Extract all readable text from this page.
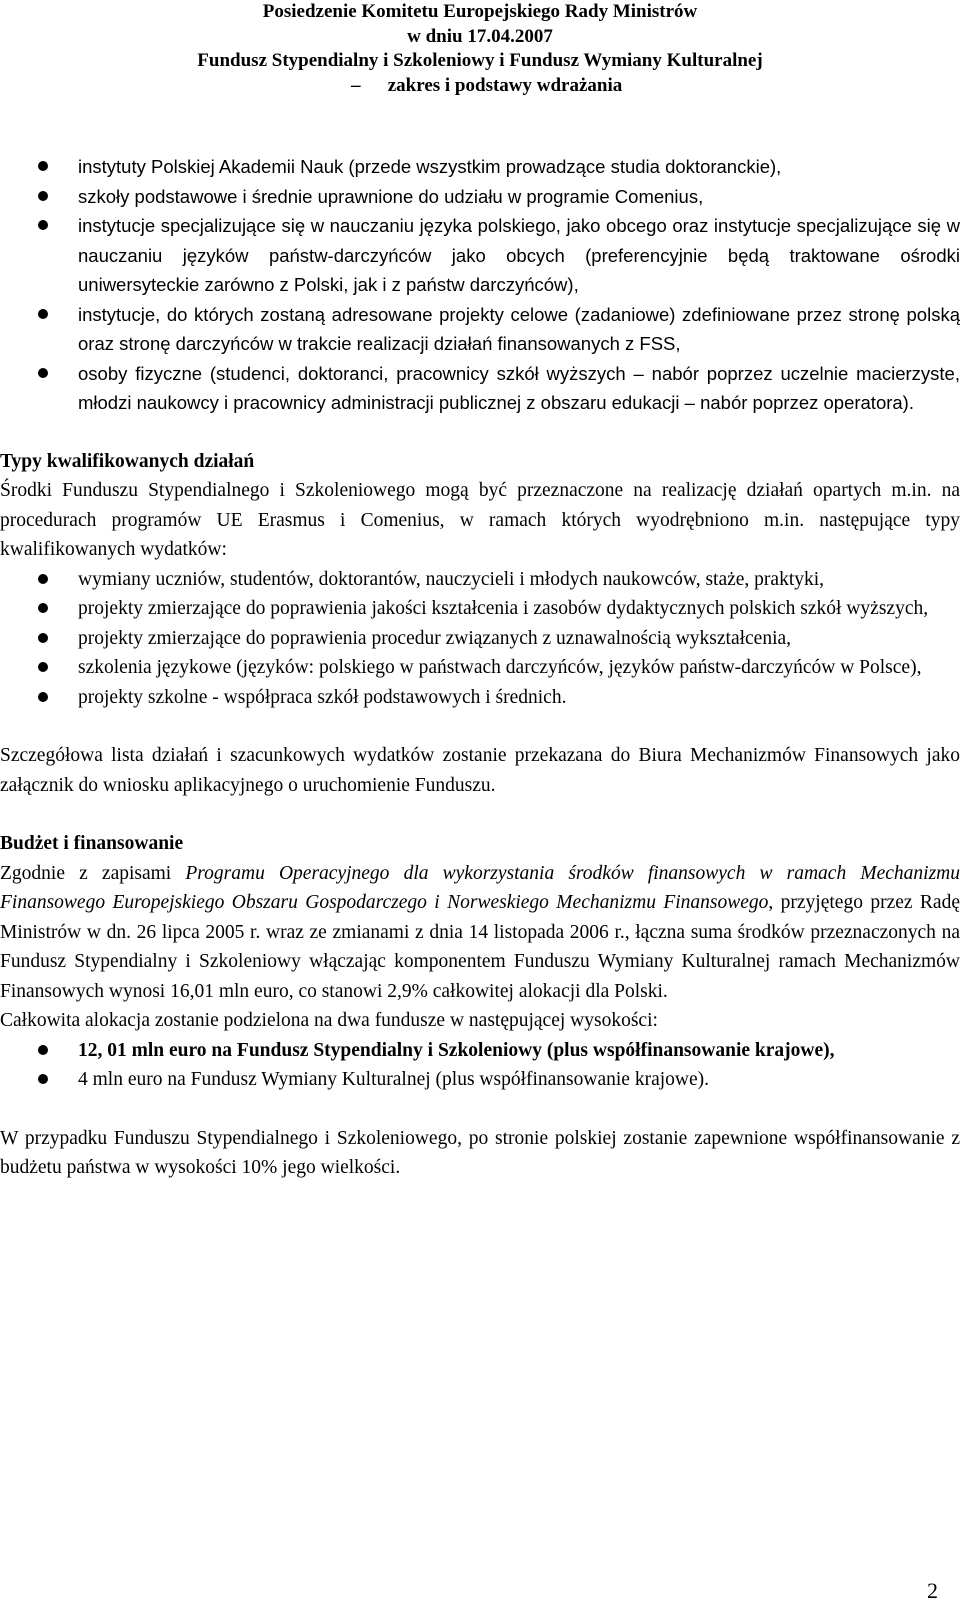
Posiedzenie Komitetu Europejskiego Rady Ministrów
w dniu 17.04.2007
Fundusz Stypendialny i Szkoleniowy i Fundusz Wymiany Kulturalnej
– zakres i podstawy wdrażania
instytuty Polskiej Akademii Nauk (przede wszystkim prowadzące studia doktoranckie),
szkoły podstawowe i średnie uprawnione do udziału w programie Comenius,
instytucje specjalizujące się w nauczaniu języka polskiego, jako obcego oraz instytucje specjalizujące się w nauczaniu języków państw-darczyńców jako obcych (preferencyjnie będą traktowane ośrodki uniwersyteckie zarówno z Polski, jak i z państw darczyńców),
instytucje, do których zostaną adresowane projekty celowe (zadaniowe) zdefiniowane przez stronę polską oraz stronę darczyńców w trakcie realizacji działań finansowanych z FSS,
osoby fizyczne (studenci, doktoranci, pracownicy szkół wyższych – nabór poprzez uczelnie macierzyste, młodzi naukowcy i pracownicy administracji publicznej z obszaru edukacji – nabór poprzez operatora).

Typy kwalifikowanych działań

Środki Funduszu Stypendialnego i Szkoleniowego mogą być przeznaczone na realizację działań opartych m.in. na procedurach programów UE Erasmus i Comenius, w ramach których wyodrębniono m.in. następujące typy kwalifikowanych wydatków:

wymiany uczniów, studentów, doktorantów, nauczycieli i młodych naukowców, staże, praktyki,
projekty zmierzające do poprawienia jakości kształcenia i zasobów dydaktycznych polskich szkół wyższych,
projekty zmierzające do poprawienia procedur związanych z uznawalnością wykształcenia,
szkolenia językowe (języków: polskiego w państwach darczyńców, języków państw-darczyńców w Polsce),
projekty szkolne - współpraca szkół podstawowych i średnich.

Szczegółowa lista działań i szacunkowych wydatków zostanie przekazana do Biura Mechanizmów Finansowych jako załącznik do wniosku aplikacyjnego o uruchomienie Funduszu.

Budżet i finansowanie

Zgodnie z zapisami Programu Operacyjnego dla wykorzystania środków finansowych w ramach Mechanizmu Finansowego Europejskiego Obszaru Gospodarczego i Norweskiego Mechanizmu Finansowego, przyjętego przez Radę Ministrów w dn. 26 lipca 2005 r. wraz ze zmianami z dnia 14 listopada 2006 r., łączna suma środków przeznaczonych na Fundusz Stypendialny i Szkoleniowy włączając komponentem Funduszu Wymiany Kulturalnej ramach Mechanizmów Finansowych wynosi 16,01 mln euro, co stanowi 2,9% całkowitej alokacji dla Polski.

Całkowita alokacja zostanie podzielona na dwa fundusze w następującej wysokości:

12, 01 mln euro na Fundusz Stypendialny i Szkoleniowy (plus współfinansowanie krajowe),
4 mln euro na Fundusz Wymiany Kulturalnej (plus współfinansowanie krajowe).

W przypadku Funduszu Stypendialnego i Szkoleniowego, po stronie polskiej zostanie zapewnione współfinansowanie z budżetu państwa w wysokości 10% jego wielkości.

2
